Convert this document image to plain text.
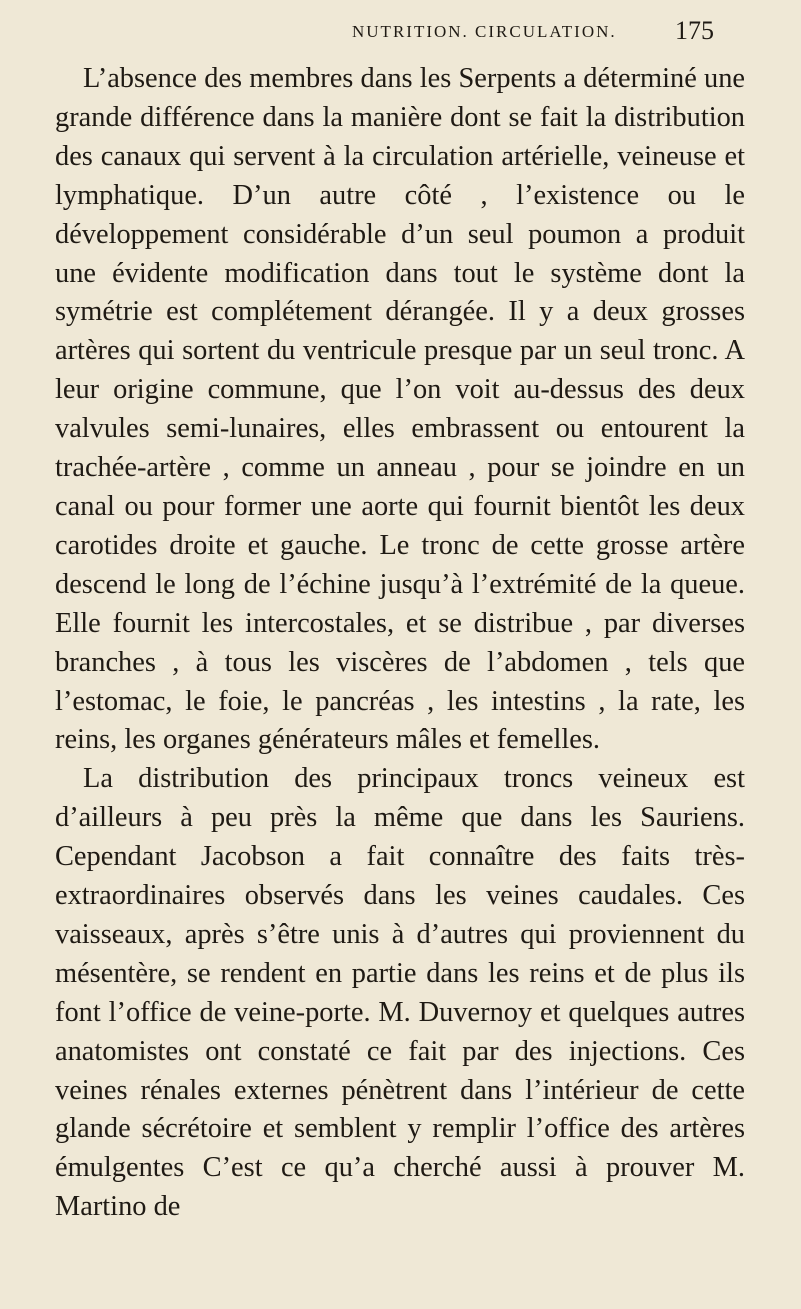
NUTRITION. CIRCULATION. 175

L’absence des membres dans les Serpents a déterminé une grande différence dans la manière dont se fait la distribution des canaux qui servent à la circulation artérielle, veineuse et lymphatique. D’un autre côté , l’existence ou le développement considérable d’un seul poumon a produit une évidente modification dans tout le système dont la symétrie est complétement dérangée. Il y a deux grosses artères qui sortent du ventricule presque par un seul tronc. A leur origine commune, que l’on voit au-dessus des deux valvules semi-lunaires, elles embrassent ou entourent la trachée-artère , comme un anneau , pour se joindre en un canal ou pour former une aorte qui fournit bientôt les deux carotides droite et gauche. Le tronc de cette grosse artère descend le long de l’échine jusqu’à l’extrémité de la queue. Elle fournit les intercostales, et se distribue , par diverses branches , à tous les viscères de l’abdomen , tels que l’estomac, le foie, le pancréas , les intestins , la rate, les reins, les organes générateurs mâles et femelles.

La distribution des principaux troncs veineux est d’ailleurs à peu près la même que dans les Sauriens. Cependant Jacobson a fait connaître des faits très-extraordinaires observés dans les veines caudales. Ces vaisseaux, après s’être unis à d’autres qui proviennent du mésentère, se rendent en partie dans les reins et de plus ils font l’office de veine-porte. M. Duvernoy et quelques autres anatomistes ont constaté ce fait par des injections. Ces veines rénales externes pénètrent dans l’intérieur de cette glande sécrétoire et semblent y remplir l’office des artères émulgentes C’est ce qu’a cherché aussi à prouver M. Martino de
